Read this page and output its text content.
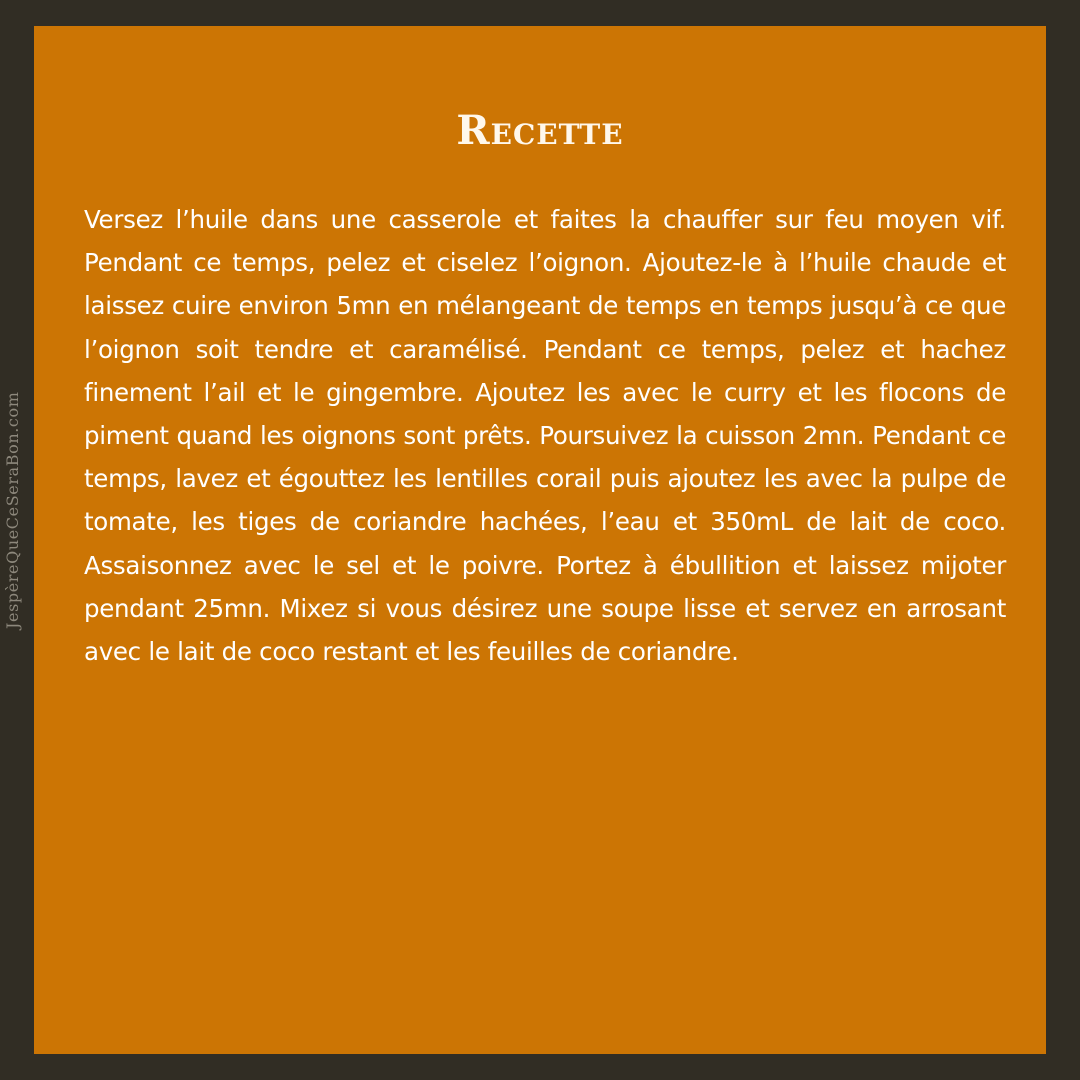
JespèreQueCeSeraBon.com
Recette

Versez l’huile dans une casserole et faites la chauffer sur feu moyen vif. Pendant ce temps, pelez et ciselez l’oignon. Ajoutez-le à l’huile chaude et laissez cuire environ 5mn en mélangeant de temps en temps jusqu’à ce que l’oignon soit tendre et caramélisé. Pendant ce temps, pelez et hachez finement l’ail et le gingembre. Ajoutez les avec le curry et les flocons de piment quand les oignons sont prêts. Poursuivez la cuisson 2mn. Pendant ce temps, lavez et égouttez les lentilles corail puis ajoutez les avec la pulpe de tomate, les tiges de coriandre hachées, l’eau et 350mL de lait de coco. Assaisonnez avec le sel et le poivre. Portez à ébullition et laissez mijoter pendant 25mn. Mixez si vous désirez une soupe lisse et servez en arrosant avec le lait de coco restant et les feuilles de coriandre.
